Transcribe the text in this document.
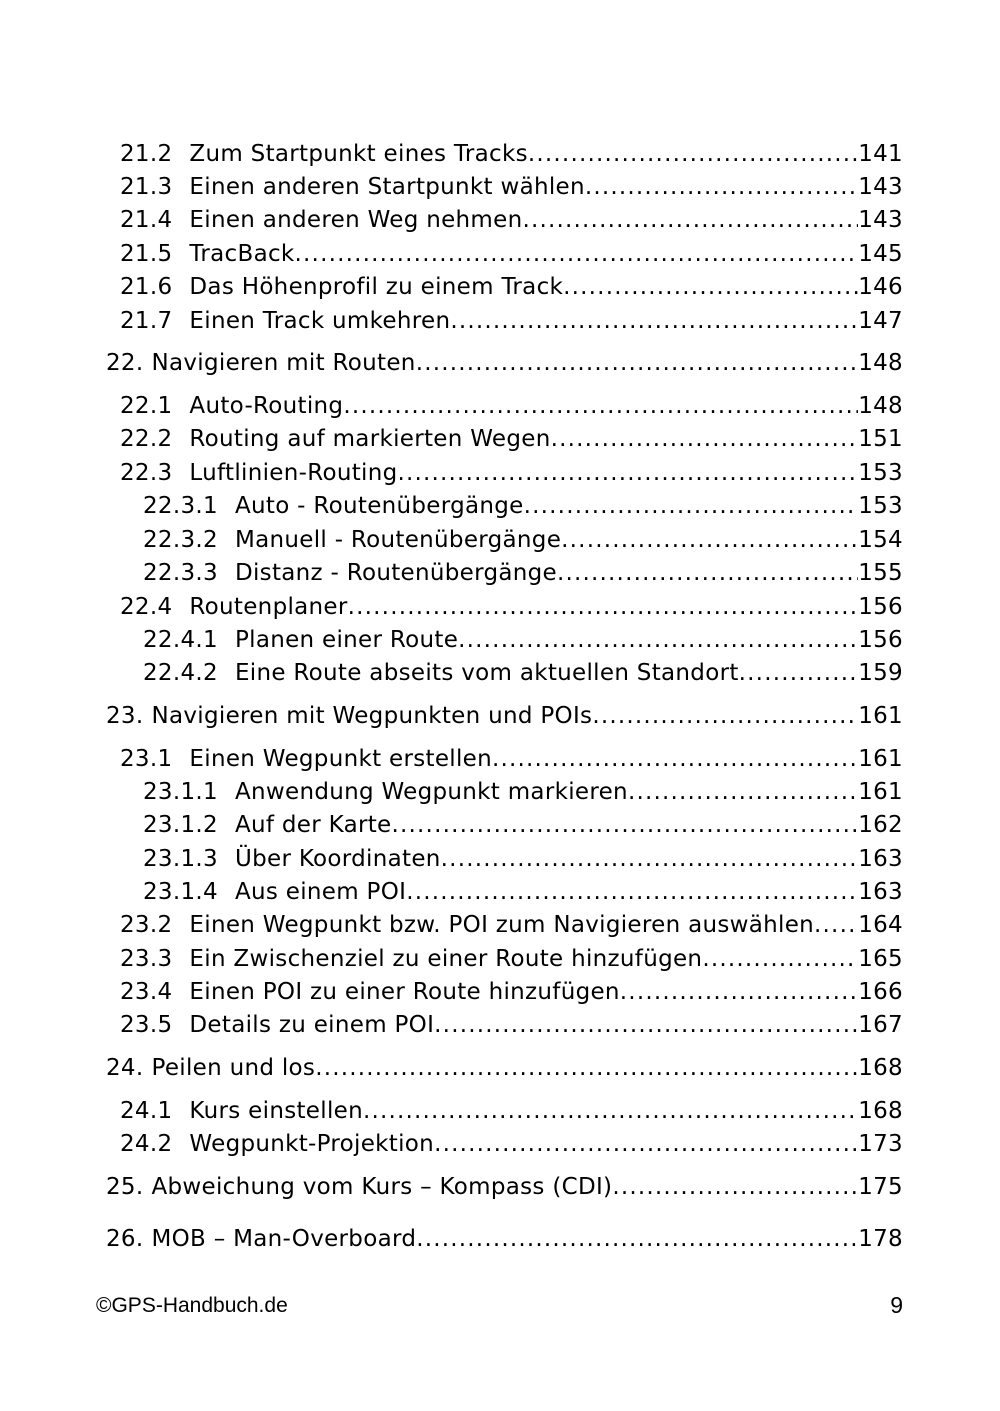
21.2 Zum Startpunkt eines Tracks .....	141
21.3 Einen anderen Startpunkt wählen .....	143
21.4 Einen anderen Weg nehmen .....	143
21.5 TracBack .....	145
21.6 Das Höhenprofil zu einem Track .....	146
21.7 Einen Track umkehren .....	147
22. Navigieren mit Routen .....	148
22.1 Auto-Routing .....	148
22.2 Routing auf markierten Wegen .....	151
22.3 Luftlinien-Routing .....	153
22.3.1 Auto - Routenübergänge .....	153
22.3.2 Manuell - Routenübergänge .....	154
22.3.3 Distanz - Routenübergänge .....	155
22.4 Routenplaner .....	156
22.4.1 Planen einer Route .....	156
22.4.2 Eine Route abseits vom aktuellen Standort .....	159
23. Navigieren mit Wegpunkten und POIs .....	161
23.1 Einen Wegpunkt erstellen .....	161
23.1.1 Anwendung Wegpunkt markieren .....	161
23.1.2 Auf der Karte .....	162
23.1.3 Über Koordinaten .....	163
23.1.4 Aus einem POI .....	163
23.2 Einen Wegpunkt bzw. POI zum Navigieren auswählen ..... 164
23.3 Ein Zwischenziel zu einer Route hinzufügen .....	165
23.4 Einen POI zu einer Route hinzufügen .....	166
23.5 Details zu einem POI .....	167
24. Peilen und los .....	168
24.1 Kurs einstellen .....	168
24.2 Wegpunkt-Projektion .....	173
25. Abweichung vom Kurs – Kompass (CDI) .....	175
26. MOB – Man-Overboard .....	178
©GPS-Handbuch.de	9
